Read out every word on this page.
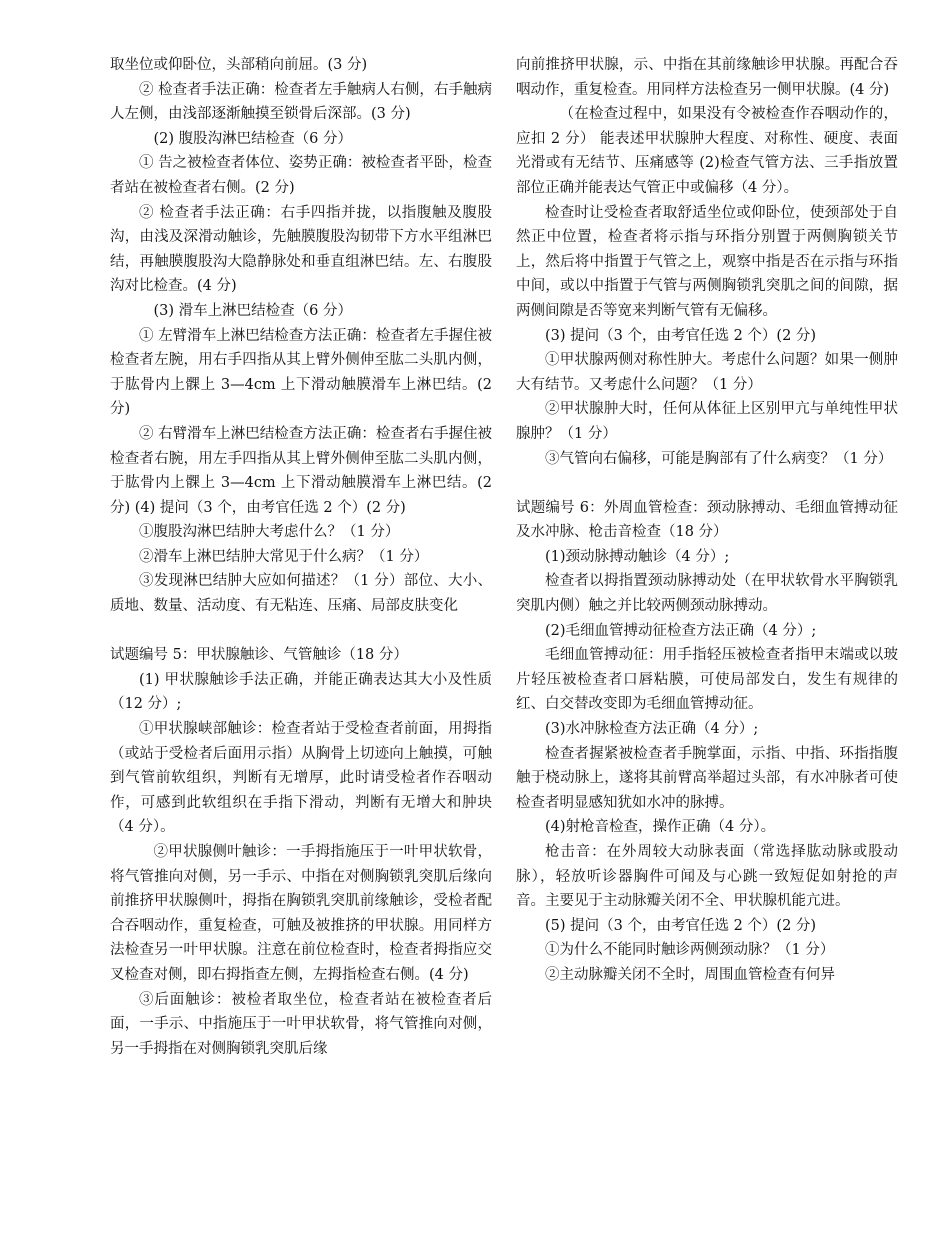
取坐位或仰卧位，头部稍向前屈。(3 分)

② 检查者手法正确：检查者左手触病人右侧，右手触病人左侧，由浅部逐渐触摸至锁骨后深部。(3 分)

(2) 腹股沟淋巴结检查（6 分）

① 告之被检查者体位、姿势正确：被检查者平卧，检查者站在被检查者右侧。(2 分)

② 检查者手法正确：右手四指并拢，以指腹触及腹股沟，由浅及深滑动触诊，先触膜腹股沟韧带下方水平组淋巴结，再触膜腹股沟大隐静脉处和垂直组淋巴结。左、右腹股沟对比检查。(4 分)

(3) 滑车上淋巴结检查（6 分）

① 左臂滑车上淋巴结检查方法正确：检查者左手握住被检查者左腕，用右手四指从其上臂外侧伸至肱二头肌内侧，于肱骨内上髁上 3—4cm 上下滑动触膜滑车上淋巴结。(2 分)

② 右臂滑车上淋巴结检查方法正确：检查者右手握住被检查者右腕，用左手四指从其上臂外侧伸至肱二头肌内侧，于肱骨内上髁上 3—4cm 上下滑动触膜滑车上淋巴结。(2 分) (4) 提问（3 个，由考官任选 2 个）(2 分)

①腹股沟淋巴结肿大考虑什么？（1 分）

②滑车上淋巴结肿大常见于什么病？（1 分）

③发现淋巴结肿大应如何描述？（1 分）部位、大小、质地、数量、活动度、有无粘连、压痛、局部皮肤变化

试题编号 5：甲状腺触诊、气管触诊（18 分）

(1) 甲状腺触诊手法正确，并能正确表达其大小及性质（12 分）;

①甲状腺峡部触诊：检查者站于受检查者前面，用拇指（或站于受检者后面用示指）从胸骨上切迹向上触摸，可触到气管前软组织，判断有无增厚，此时请受检者作吞咽动作，可感到此软组织在手指下滑动，判断有无增大和肿块（4 分）。

②甲状腺侧叶触诊：一手拇指施压于一叶甲状软骨，将气管推向对侧，另一手示、中指在对侧胸锁乳突肌后缘向前推挤甲状腺侧叶，拇指在胸锁乳突肌前缘触诊，受检者配合吞咽动作，重复检查，可触及被推挤的甲状腺。用同样方法检查另一叶甲状腺。注意在前位检查时，检查者拇指应交叉检查对侧，即右拇指查左侧，左拇指检查右侧。(4 分)

③后面触诊：被检者取坐位，检查者站在被检查者后面，一手示、中指施压于一叶甲状软骨，将气管推向对侧，另一手拇指在对侧胸锁乳突肌后缘

向前推挤甲状腺，示、中指在其前缘触诊甲状腺。再配合吞咽动作，重复检查。用同样方法检查另一侧甲状腺。(4 分)

（在检查过程中，如果没有令被检查作吞咽动作的，应扣 2 分） 能表述甲状腺肿大程度、对称性、硬度、表面光滑或有无结节、压痛感等 (2)检查气管方法、三手指放置部位正确并能表达气管正中或偏移（4 分）。

检查时让受检查者取舒适坐位或仰卧位，使颈部处于自然正中位置，检查者将示指与环指分别置于两侧胸锁关节上，然后将中指置于气管之上，观察中指是否在示指与环指中间，或以中指置于气管与两侧胸锁乳突肌之间的间隙，据两侧间隙是否等宽来判断气管有无偏移。

(3) 提问（3 个，由考官任选 2 个）(2 分)

①甲状腺两侧对称性肿大。考虑什么问题？如果一侧肿大有结节。又考虑什么问题？（1 分）

②甲状腺肿大时，任何从体征上区别甲亢与单纯性甲状腺肿？（1 分）

③气管向右偏移，可能是胸部有了什么病变？（1 分）

试题编号 6：外周血管检查：颈动脉搏动、毛细血管搏动征及水冲脉、枪击音检查（18 分）

(1)颈动脉搏动触诊（4 分）;

检查者以拇指置颈动脉搏动处（在甲状软骨水平胸锁乳突肌内侧）触之并比较两侧颈动脉搏动。

(2)毛细血管搏动征检查方法正确（4 分）;

毛细血管搏动征：用手指轻压被检查者指甲末端或以玻片轻压被检查者口唇粘膜，可使局部发白，发生有规律的红、白交替改变即为毛细血管搏动征。

(3)水冲脉检查方法正确（4 分）;

检查者握紧被检查者手腕掌面，示指、中指、环指指腹触于桡动脉上，遂将其前臂高举超过头部，有水冲脉者可使检查者明显感知犹如水冲的脉搏。

(4)射枪音检查，操作正确（4 分）。

枪击音：在外周较大动脉表面（常选择肱动脉或股动脉），轻放听诊器胸件可闻及与心跳一致短促如射抢的声音。主要见于主动脉瓣关闭不全、甲状腺机能亢进。

(5) 提问（3 个，由考官任选 2 个）(2 分)

①为什么不能同时触诊两侧颈动脉？（1 分）

②主动脉瓣关闭不全时，周围血管检查有何异
